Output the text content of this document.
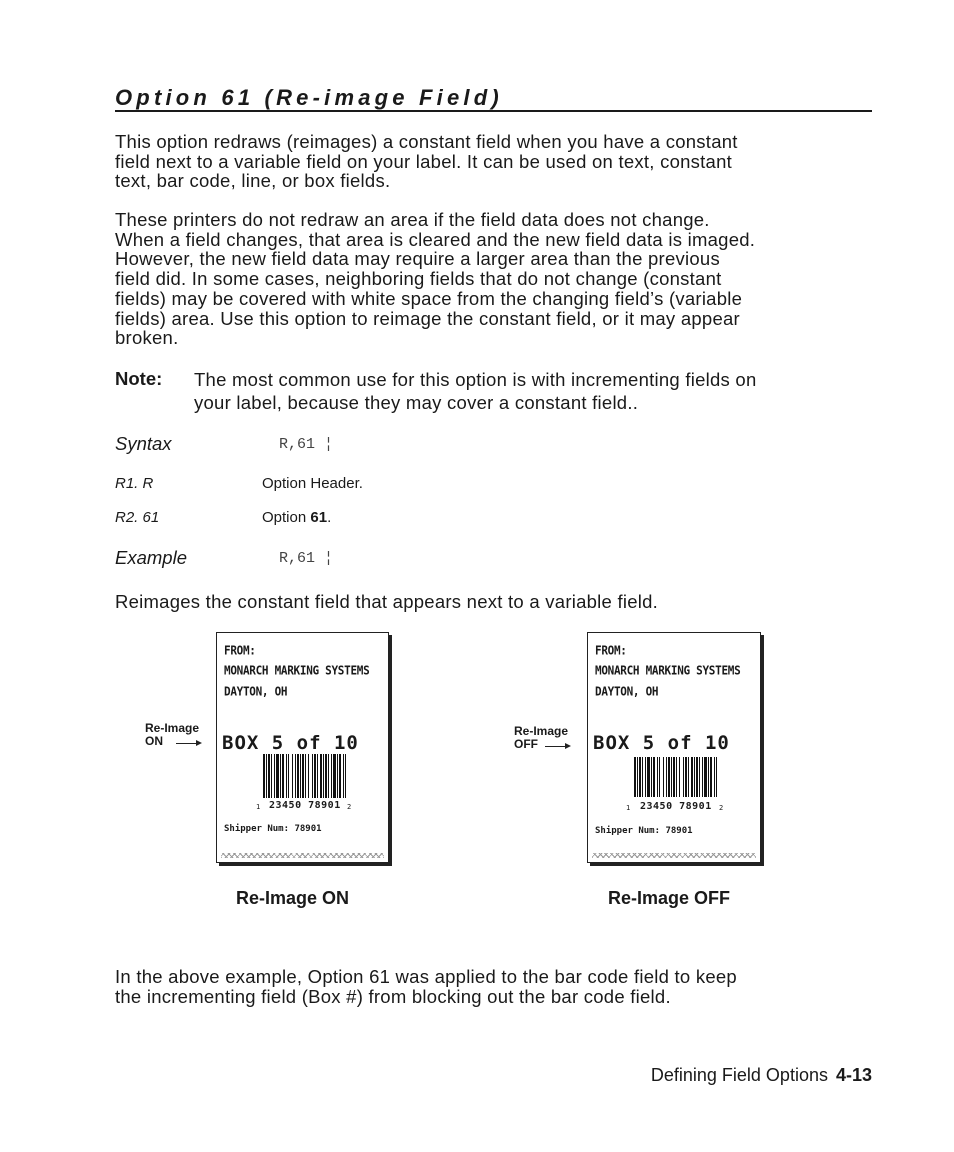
Option 61 (Re-image Field)
This option redraws (reimages) a constant field when you have a constant
field next to a variable field on your label. It can be used on text, constant
text, bar code, line, or box fields.
These printers do not redraw an area if the field data does not change.
When a field changes, that area is cleared and the new field data is imaged.
However, the new field data may require a larger area than the previous
field did. In some cases, neighboring fields that do not change (constant
fields) may be covered with white space from the changing field’s (variable
fields) area. Use this option to reimage the constant field, or it may appear
broken.
Note: The most common use for this option is with incrementing fields on
your label, because they may cover a constant field..
Syntax	R,61 ¦
R1. R	Option Header.
R2. 61	Option 61.
Example	R,61 ¦
Reimages the constant field that appears next to a variable field.
Re-Image
ON
FROM:
MONARCH MARKING SYSTEMS
DAYTON, OH
BOX 5 of 10
1 23450 78901 2
Shipper Num: 78901
Re-Image ON
Re-Image
OFF
FROM:
MONARCH MARKING SYSTEMS
DAYTON, OH
BOX 5 of 10
1 23450 78901 2
Shipper Num: 78901
Re-Image OFF
In the above example, Option 61 was applied to the bar code field to keep
the incrementing field (Box #) from blocking out the bar code field.
Defining Field Options 4-13
